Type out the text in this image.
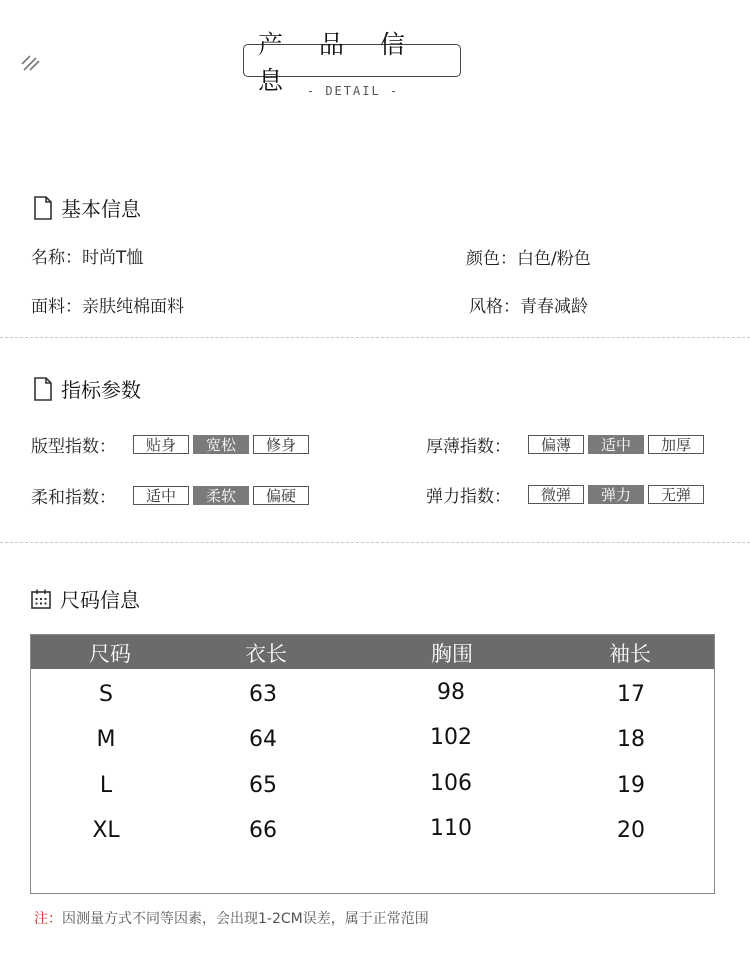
产 品 信 息 - DETAIL -
基本信息
名称：时尚T恤	颜色：白色/粉色
面料：亲肤纯棉面料	风格：青春减龄
指标参数
版型指数：	贴身	宽松	修身	厚薄指数：	偏薄	适中	加厚
柔和指数：	适中	柔软	偏硬	弹力指数：	微弹	弹力	无弹
尺码信息
尺码	衣长	胸围	袖长
S	63	98	17
M	64	102	18
L	65	106	19
XL	66	110	20
注：因测量方式不同等因素，会出现1-2CM误差，属于正常范围
